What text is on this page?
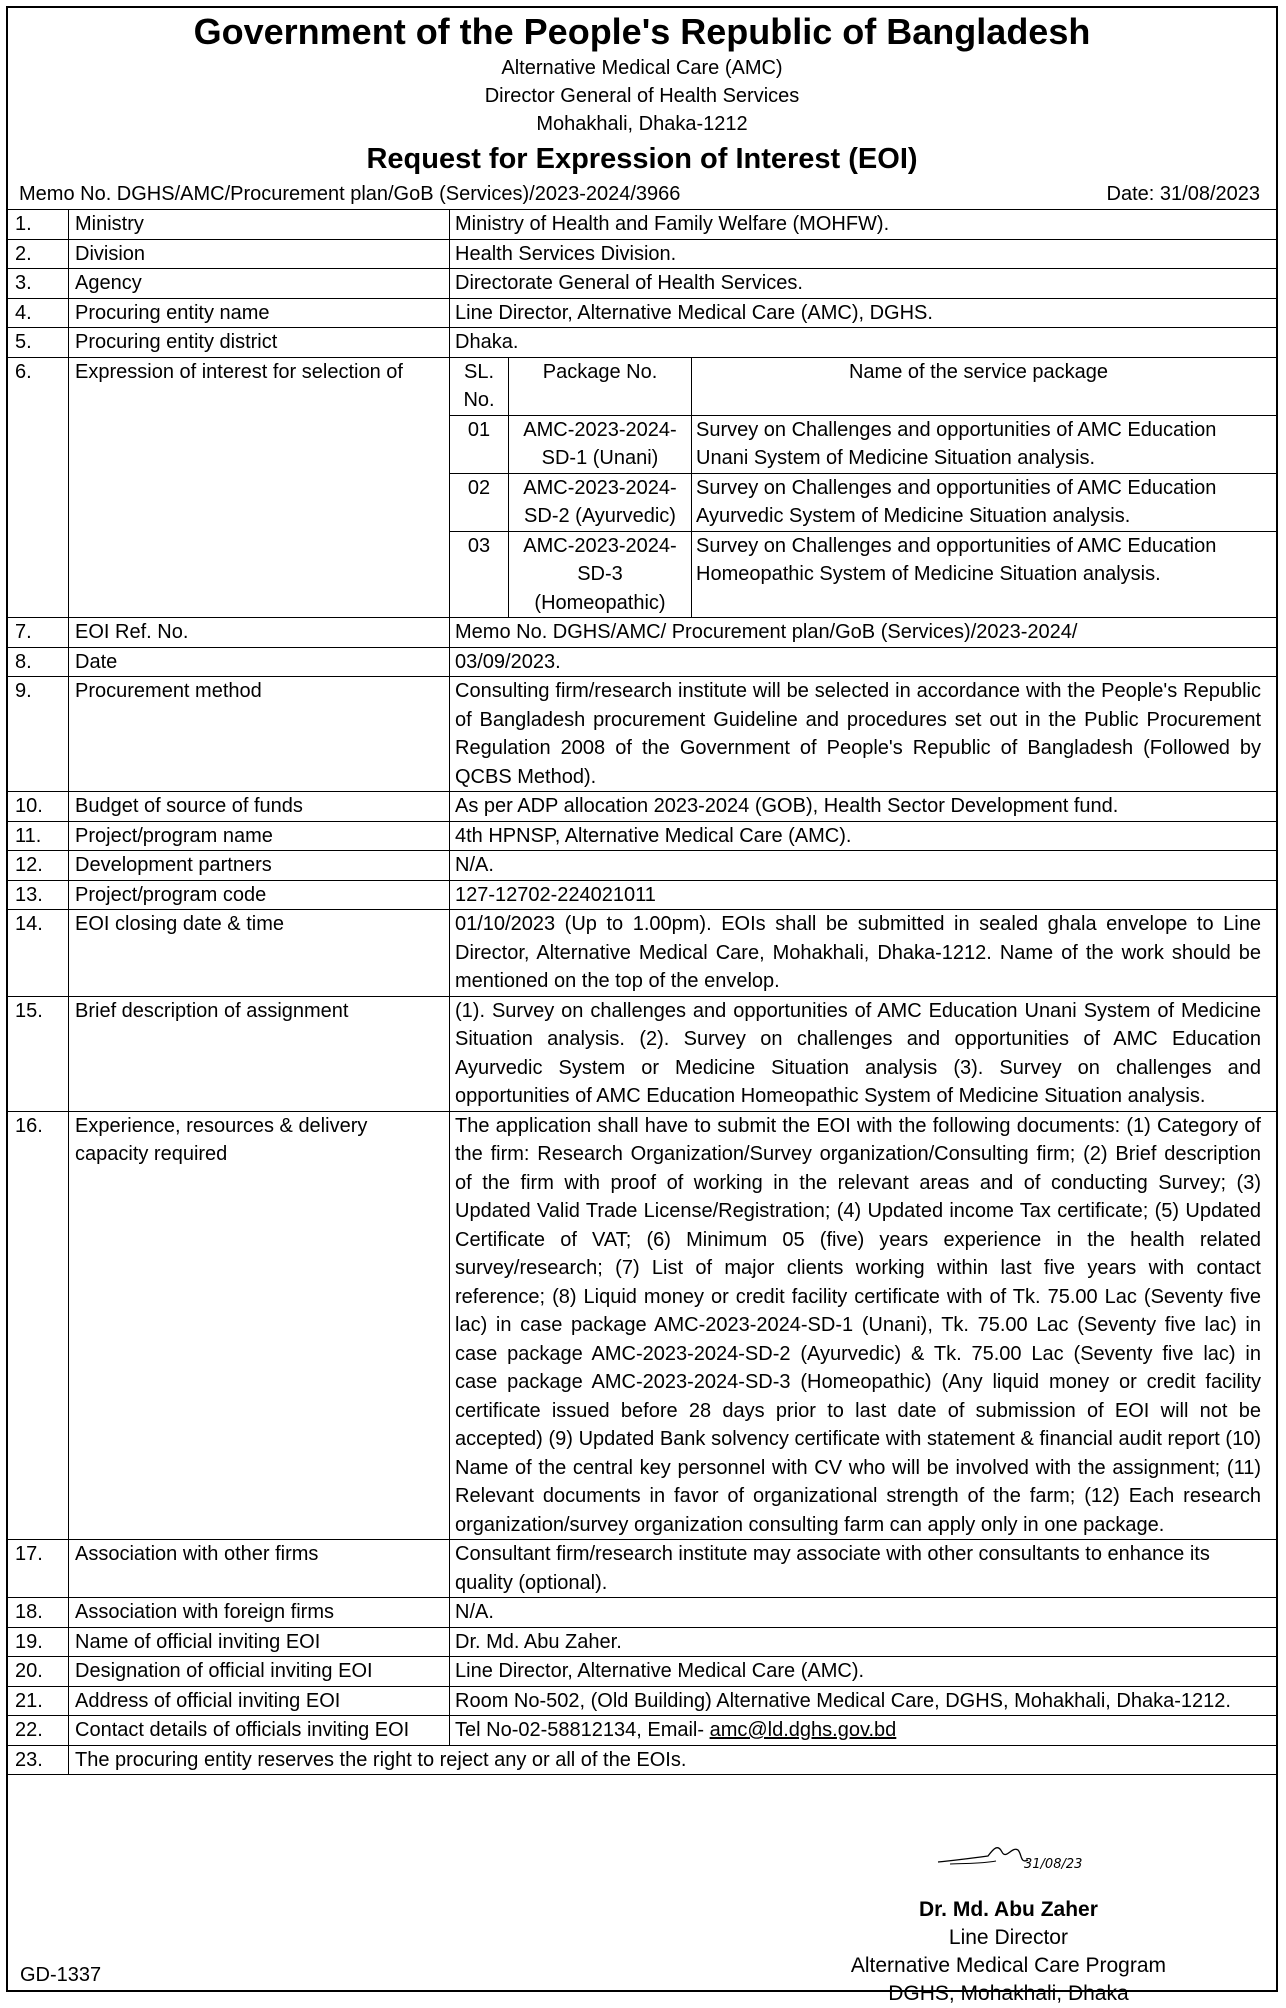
Government of the People's Republic of Bangladesh
Alternative Medical Care (AMC)
Director General of Health Services
Mohakhali, Dhaka-1212
Request for Expression of Interest (EOI)
Memo No. DGHS/AMC/Procurement plan/GoB (Services)/2023-2024/3966	Date: 31/08/2023
1.	Ministry	Ministry of Health and Family Welfare (MOHFW).
2.	Division	Health Services Division.
3.	Agency	Directorate General of Health Services.
4.	Procuring entity name	Line Director, Alternative Medical Care (AMC), DGHS.
5.	Procuring entity district	Dhaka.
6.	Expression of interest for selection of		SL. No.	Package No.	Name of the service package
01	AMC-2023-2024-SD-1 (Unani)	Survey on Challenges and opportunities of AMC Education Unani System of Medicine Situation analysis.
02	AMC-2023-2024-SD-2 (Ayurvedic)	Survey on Challenges and opportunities of AMC Education Ayurvedic System of Medicine Situation analysis.
03	AMC-2023-2024-SD-3 (Homeopathic)	Survey on Challenges and opportunities of AMC Education Homeopathic System of Medicine Situation analysis.

7.	EOI Ref. No.	Memo No. DGHS/AMC/ Procurement plan/GoB (Services)/2023-2024/
8.	Date	03/09/2023.
9.	Procurement method	Consulting firm/research institute will be selected in accordance with the People's Republic of Bangladesh procurement Guideline and procedures set out in the Public Procurement Regulation 2008 of the Government of People's Republic of Bangladesh (Followed by QCBS Method).
10.	Budget of source of funds	As per ADP allocation 2023-2024 (GOB), Health Sector Development fund.
11.	Project/program name	4th HPNSP, Alternative Medical Care (AMC).
12.	Development partners	N/A.
13.	Project/program code	127-12702-224021011
14.	EOI closing date & time	01/10/2023 (Up to 1.00pm). EOIs shall be submitted in sealed ghala envelope to Line Director, Alternative Medical Care, Mohakhali, Dhaka-1212. Name of the work should be mentioned on the top of the envelop.
15.	Brief description of assignment	(1). Survey on challenges and opportunities of AMC Education Unani System of Medicine Situation analysis. (2). Survey on challenges and opportunities of AMC Education Ayurvedic System or Medicine Situation analysis (3). Survey on challenges and opportunities of AMC Education Homeopathic System of Medicine Situation analysis.
16.	Experience, resources & delivery capacity required	The application shall have to submit the EOI with the following documents: (1) Category of the firm: Research Organization/Survey organization/Consulting firm; (2) Brief description of the firm with proof of working in the relevant areas and of conducting Survey; (3) Updated Valid Trade License/Registration; (4) Updated income Tax certificate; (5) Updated Certificate of VAT; (6) Minimum 05 (five) years experience in the health related survey/research; (7) List of major clients working within last five years with contact reference; (8) Liquid money or credit facility certificate with of Tk. 75.00 Lac (Seventy five lac) in case package AMC-2023-2024-SD-1 (Unani), Tk. 75.00 Lac (Seventy five lac) in case package AMC-2023-2024-SD-2 (Ayurvedic) & Tk. 75.00 Lac (Seventy five lac) in case package AMC-2023-2024-SD-3 (Homeopathic) (Any liquid money or credit facility certificate issued before 28 days prior to last date of submission of EOI will not be accepted) (9) Updated Bank solvency certificate with statement & financial audit report (10) Name of the central key personnel with CV who will be involved with the assignment; (11) Relevant documents in favor of organizational strength of the farm; (12) Each research organization/survey organization consulting farm can apply only in one package.
17.	Association with other firms	Consultant firm/research institute may associate with other consultants to enhance its quality (optional).
18.	Association with foreign firms	N/A.
19.	Name of official inviting EOI	Dr. Md. Abu Zaher.
20.	Designation of official inviting EOI	Line Director, Alternative Medical Care (AMC).
21.	Address of official inviting EOI	Room No-502, (Old Building) Alternative Medical Care, DGHS, Mohakhali, Dhaka-1212.
22.	Contact details of officials inviting EOI	Tel No-02-58812134, Email- amc@ld.dghs.gov.bd
23.	The procuring entity reserves the right to reject any or all of the EOIs.
31/08/23
Dr. Md. Abu Zaher
Line Director
Alternative Medical Care Program
DGHS, Mohakhali, Dhaka
GD-1337
